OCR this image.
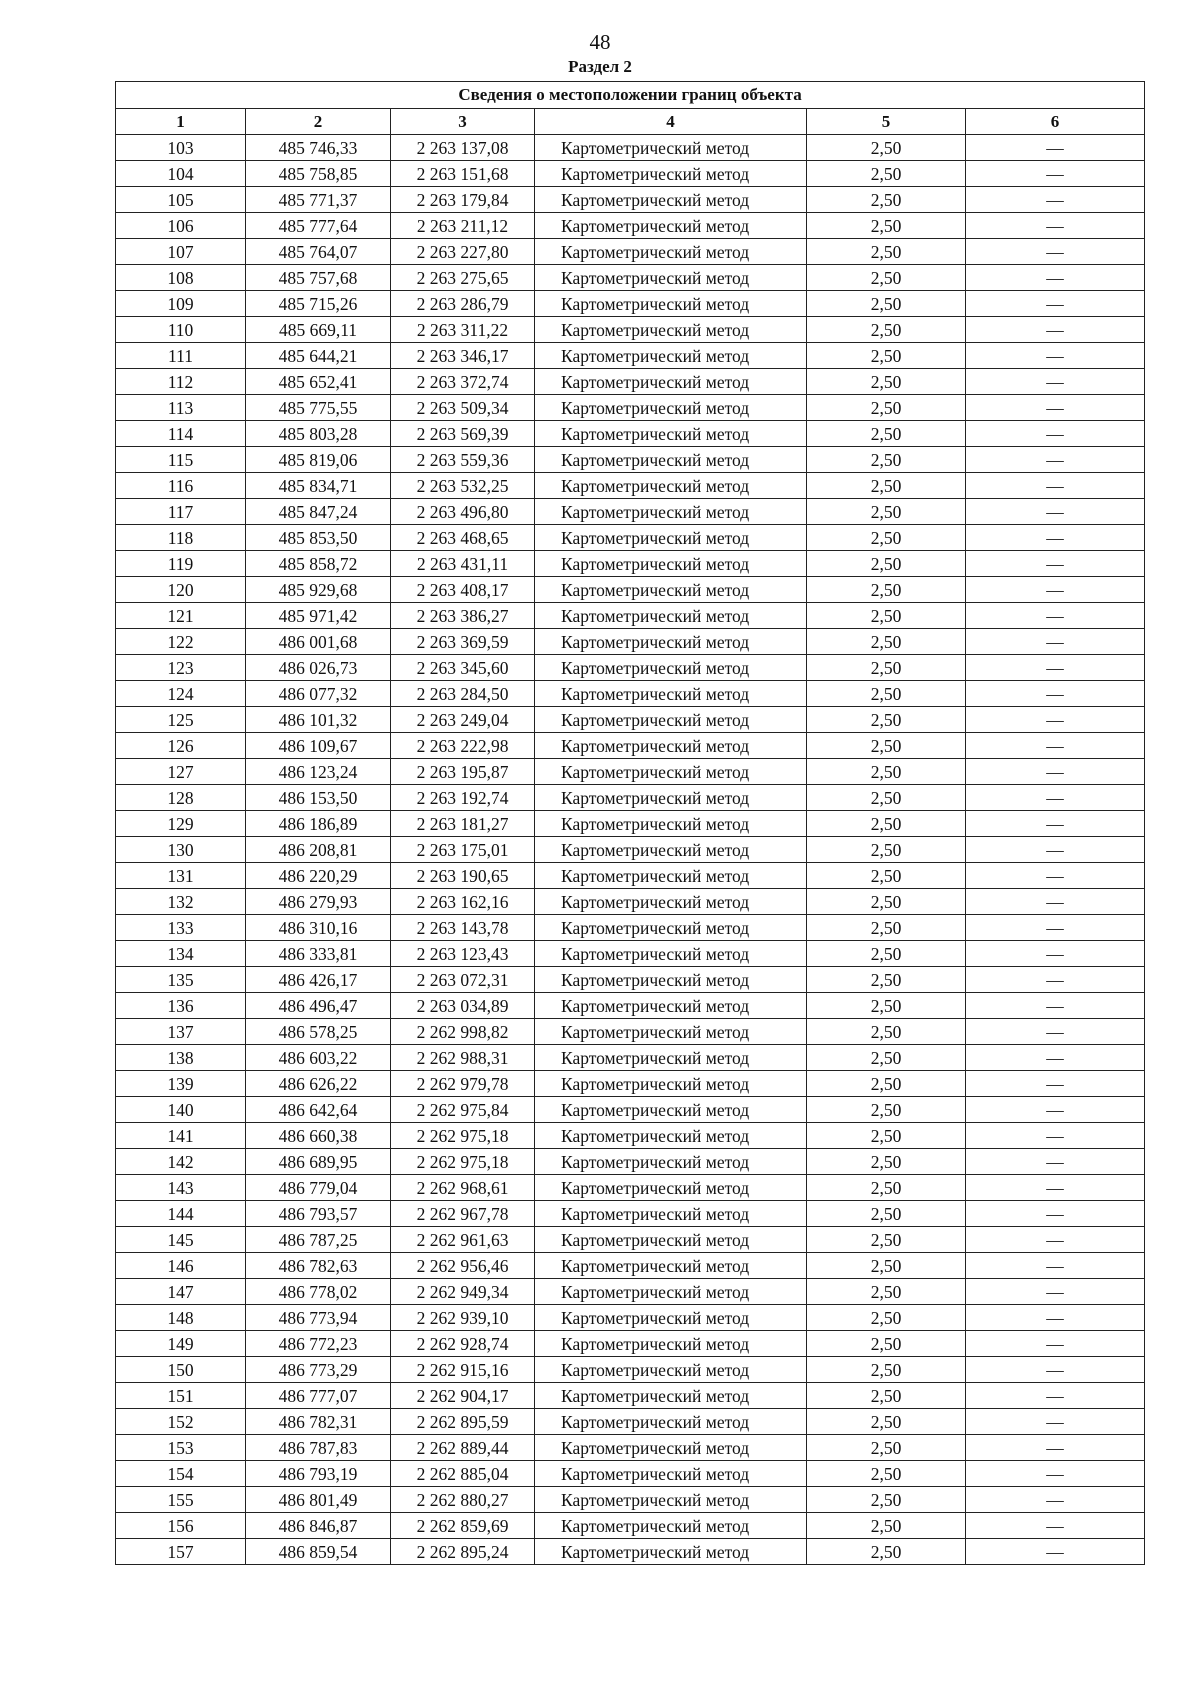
48
Раздел 2
Сведения о местоположении границ объекта					
1	2	3	4	5	6
103	485 746,33	2 263 137,08	Картометрический метод	2,50	—
104	485 758,85	2 263 151,68	Картометрический метод	2,50	—
105	485 771,37	2 263 179,84	Картометрический метод	2,50	—
106	485 777,64	2 263 211,12	Картометрический метод	2,50	—
107	485 764,07	2 263 227,80	Картометрический метод	2,50	—
108	485 757,68	2 263 275,65	Картометрический метод	2,50	—
109	485 715,26	2 263 286,79	Картометрический метод	2,50	—
110	485 669,11	2 263 311,22	Картометрический метод	2,50	—
111	485 644,21	2 263 346,17	Картометрический метод	2,50	—
112	485 652,41	2 263 372,74	Картометрический метод	2,50	—
113	485 775,55	2 263 509,34	Картометрический метод	2,50	—
114	485 803,28	2 263 569,39	Картометрический метод	2,50	—
115	485 819,06	2 263 559,36	Картометрический метод	2,50	—
116	485 834,71	2 263 532,25	Картометрический метод	2,50	—
117	485 847,24	2 263 496,80	Картометрический метод	2,50	—
118	485 853,50	2 263 468,65	Картометрический метод	2,50	—
119	485 858,72	2 263 431,11	Картометрический метод	2,50	—
120	485 929,68	2 263 408,17	Картометрический метод	2,50	—
121	485 971,42	2 263 386,27	Картометрический метод	2,50	—
122	486 001,68	2 263 369,59	Картометрический метод	2,50	—
123	486 026,73	2 263 345,60	Картометрический метод	2,50	—
124	486 077,32	2 263 284,50	Картометрический метод	2,50	—
125	486 101,32	2 263 249,04	Картометрический метод	2,50	—
126	486 109,67	2 263 222,98	Картометрический метод	2,50	—
127	486 123,24	2 263 195,87	Картометрический метод	2,50	—
128	486 153,50	2 263 192,74	Картометрический метод	2,50	—
129	486 186,89	2 263 181,27	Картометрический метод	2,50	—
130	486 208,81	2 263 175,01	Картометрический метод	2,50	—
131	486 220,29	2 263 190,65	Картометрический метод	2,50	—
132	486 279,93	2 263 162,16	Картометрический метод	2,50	—
133	486 310,16	2 263 143,78	Картометрический метод	2,50	—
134	486 333,81	2 263 123,43	Картометрический метод	2,50	—
135	486 426,17	2 263 072,31	Картометрический метод	2,50	—
136	486 496,47	2 263 034,89	Картометрический метод	2,50	—
137	486 578,25	2 262 998,82	Картометрический метод	2,50	—
138	486 603,22	2 262 988,31	Картометрический метод	2,50	—
139	486 626,22	2 262 979,78	Картометрический метод	2,50	—
140	486 642,64	2 262 975,84	Картометрический метод	2,50	—
141	486 660,38	2 262 975,18	Картометрический метод	2,50	—
142	486 689,95	2 262 975,18	Картометрический метод	2,50	—
143	486 779,04	2 262 968,61	Картометрический метод	2,50	—
144	486 793,57	2 262 967,78	Картометрический метод	2,50	—
145	486 787,25	2 262 961,63	Картометрический метод	2,50	—
146	486 782,63	2 262 956,46	Картометрический метод	2,50	—
147	486 778,02	2 262 949,34	Картометрический метод	2,50	—
148	486 773,94	2 262 939,10	Картометрический метод	2,50	—
149	486 772,23	2 262 928,74	Картометрический метод	2,50	—
150	486 773,29	2 262 915,16	Картометрический метод	2,50	—
151	486 777,07	2 262 904,17	Картометрический метод	2,50	—
152	486 782,31	2 262 895,59	Картометрический метод	2,50	—
153	486 787,83	2 262 889,44	Картометрический метод	2,50	—
154	486 793,19	2 262 885,04	Картометрический метод	2,50	—
155	486 801,49	2 262 880,27	Картометрический метод	2,50	—
156	486 846,87	2 262 859,69	Картометрический метод	2,50	—
157	486 859,54	2 262 895,24	Картометрический метод	2,50	—
